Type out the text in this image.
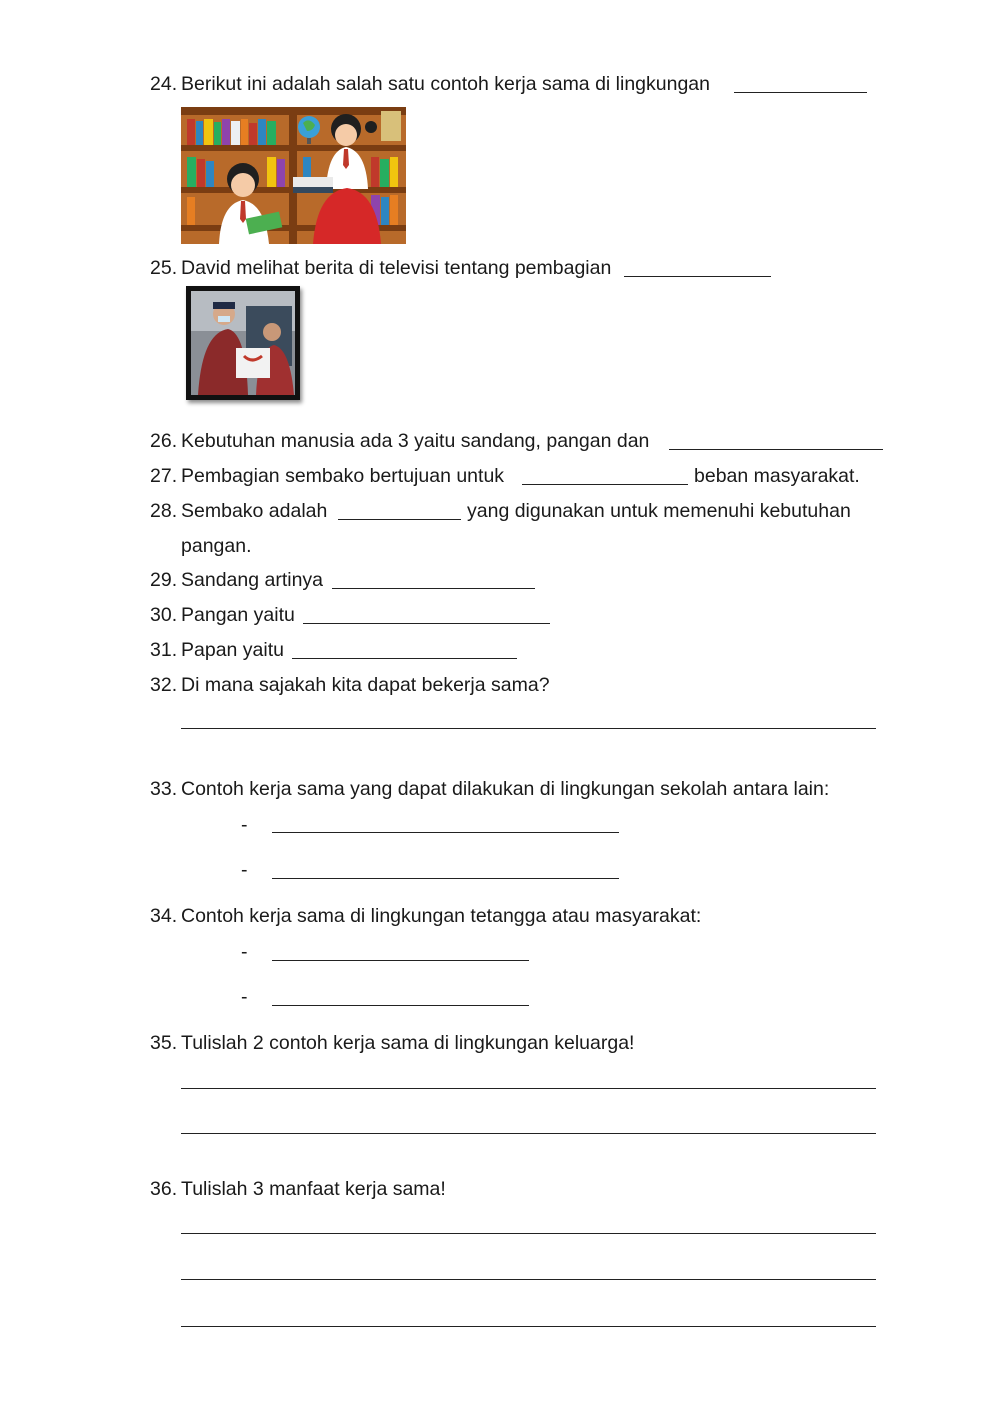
24. Berikut ini adalah salah satu contoh kerja sama di lingkungan
25. David melihat berita di televisi tentang pembagian
26. Kebutuhan manusia ada 3 yaitu sandang, pangan dan
27. Pembagian sembako bertujuan untuk	beban masyarakat.
28. Sembako adalah	yang digunakan untuk memenuhi kebutuhan
pangan.
29. Sandang artinya
30. Pangan yaitu
31. Papan yaitu
32. Di mana sajakah kita dapat bekerja sama?
33. Contoh kerja sama yang dapat dilakukan di lingkungan sekolah antara lain:
-
-
34. Contoh kerja sama di lingkungan tetangga atau masyarakat:
-
-
35. Tulislah 2 contoh kerja sama di lingkungan keluarga!
36. Tulislah 3 manfaat kerja sama!
